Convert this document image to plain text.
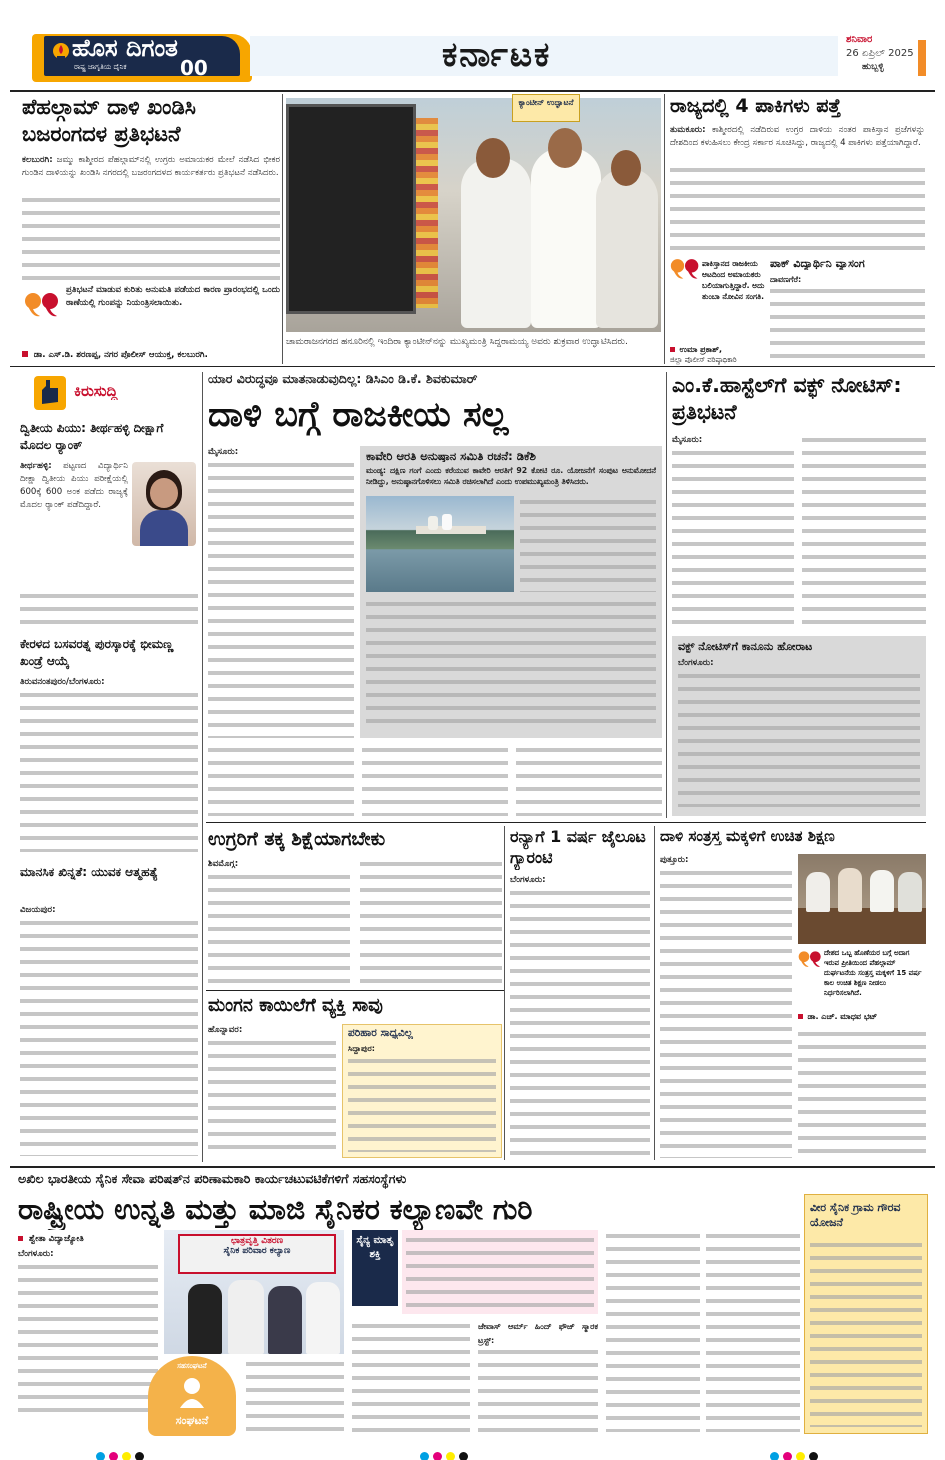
ಹೊಸ ದಿಗಂತ
ರಾಷ್ಟ್ರ ಜಾಗೃತಿಯ ದೈನಿಕ	00	ಕರ್ನಾಟಕ	ಶನಿವಾರ
26 ಏಪ್ರಿಲ್ 2025
ಹುಬ್ಬಳ್ಳಿ
ಪೆಹಲ್ಗಾಮ್ ದಾಳಿ ಖಂಡಿಸಿ ಬಜರಂಗದಳ ಪ್ರತಿಭಟನೆ
ಕಲಬುರಗಿ: ಜಮ್ಮು ಕಾಶ್ಮೀರದ ಪೆಹಲ್ಗಾಮ್‌ನಲ್ಲಿ ಉಗ್ರರು ಅಮಾಯಕರ ಮೇಲೆ ನಡೆಸಿದ ಭೀಕರ ಗುಂಡಿನ ದಾಳಿಯನ್ನು ಖಂಡಿಸಿ ನಗರದಲ್ಲಿ ಬಜರಂಗದಳದ ಕಾರ್ಯಕರ್ತರು ಪ್ರತಿಭಟನೆ ನಡೆಸಿದರು.
ಪ್ರತಿಭಟನೆ ಮಾಡುವ ಕುರಿತು ಅನುಮತಿ ಪಡೆಯದ ಕಾರಣ ಪ್ರಾರಂಭದಲ್ಲಿ ಒಂದು ಠಾಣೆಯಲ್ಲಿ ಗುಂಪನ್ನು ನಿಯಂತ್ರಿಸಲಾಯಿತು.
ಡಾ. ಎಸ್.ಡಿ. ಶರಣಪ್ಪ, ನಗರ ಪೊಲೀಸ್ ಆಯುಕ್ತ, ಕಲಬುರಗಿ.
ಕ್ಯಾಂಟೀನ್ ಉದ್ಘಾಟನೆ
ಚಾಮರಾಜನಗರದ ಹನೂರಿನಲ್ಲಿ ಇಂದಿರಾ ಕ್ಯಾಂಟೀನ್‌ನನ್ನು ಮುಖ್ಯಮಂತ್ರಿ ಸಿದ್ದರಾಮಯ್ಯ ಅವರು ಶುಕ್ರವಾರ ಉದ್ಘಾಟಿಸಿದರು.
ರಾಜ್ಯದಲ್ಲಿ 4 ಪಾಕಿಗಳು ಪತ್ತೆ
ತುಮಕೂರು: ಕಾಶ್ಮೀರದಲ್ಲಿ ನಡೆದಿರುವ ಉಗ್ರರ ದಾಳಿಯ ನಂತರ ಪಾಕಿಸ್ತಾನ ಪ್ರಜೆಗಳನ್ನು ದೇಶದಿಂದ ಕಳುಹಿಸಲು ಕೇಂದ್ರ ಸರ್ಕಾರ ಸೂಚಿಸಿದ್ದು, ರಾಜ್ಯದಲ್ಲಿ 4 ಪಾಕಿಗಳು ಪತ್ತೆಯಾಗಿದ್ದಾರೆ.
ಪಾಕಿಸ್ತಾನದ ರಾಜಕೀಯ ಆಟದಿಂದ ಅಮಾಯಕರು ಬಲಿಯಾಗುತ್ತಿದ್ದಾರೆ. ಅದು ತುಂಬಾ ನೋವಿನ ಸಂಗತಿ.
ಉಮಾ ಪ್ರಕಾಶ್,
ಜಿಲ್ಲಾ ಪೊಲೀಸ್ ವರಿಷ್ಠಾಧಿಕಾರಿ
ಪಾಕ್ ವಿದ್ಯಾರ್ಥಿನಿ ವ್ಯಾಸಂಗ
ದಾವಣಗೆರೆ:
ಕಿರುಸುದ್ದಿ
ದ್ವಿತೀಯ ಪಿಯು: ತೀರ್ಥಹಳ್ಳಿ ದೀಕ್ಷಾಗೆ ಮೊದಲ ರ‍್ಯಾಂಕ್
ತೀರ್ಥಹಳ್ಳಿ: ಪಟ್ಟಣದ ವಿದ್ಯಾರ್ಥಿನಿ ದೀಕ್ಷಾ ದ್ವಿತೀಯ ಪಿಯು ಪರೀಕ್ಷೆಯಲ್ಲಿ 600ಕ್ಕೆ 600 ಅಂಕ ಪಡೆದು ರಾಜ್ಯಕ್ಕೆ ಮೊದಲ ರ‍್ಯಾಂಕ್ ಪಡೆದಿದ್ದಾರೆ.
ಕೇರಳದ ಬಸವರತ್ನ ಪುರಸ್ಕಾರಕ್ಕೆ ಭೀಮಣ್ಣ ಖಂಡ್ರೆ ಆಯ್ಕೆ
ತಿರುವನಂತಪುರಂ/ಬೆಂಗಳೂರು:
ಮಾನಸಿಕ ಖಿನ್ನತೆ: ಯುವಕ ಆತ್ಮಹತ್ಯೆ
ವಿಜಯಪುರ:
ಯಾರ ವಿರುದ್ಧವೂ ಮಾತನಾಡುವುದಿಲ್ಲ: ಡಿಸಿಎಂ ಡಿ.ಕೆ. ಶಿವಕುಮಾರ್
ದಾಳಿ ಬಗ್ಗೆ ರಾಜಕೀಯ ಸಲ್ಲ
ಮೈಸೂರು:	ಕಾವೇರಿ ಆರತಿ ಅನುಷ್ಠಾನ ಸಮಿತಿ ರಚನೆ: ಡಿಕೆಶಿ
ಮಂಡ್ಯ: ದಕ್ಷಿಣ ಗಂಗೆ ಎಂದು ಕರೆಯುವ ಕಾವೇರಿ ಆರತಿಗೆ 92 ಕೋಟಿ ರೂ. ಯೋಜನೆಗೆ ಸಂಪುಟ ಅನುಮೋದನೆ ನೀಡಿದ್ದು, ಅನುಷ್ಠಾನಗೊಳಿಸಲು ಸಮಿತಿ ರಚಿಸಲಾಗಿದೆ ಎಂದು ಉಪಮುಖ್ಯಮಂತ್ರಿ ತಿಳಿಸಿದರು.
ಎಂ.ಕೆ.ಹಾಸ್ಟೆಲ್‌ಗೆ ವಕ್ಫ್ ನೋಟಿಸ್: ಪ್ರತಿಭಟನೆ
ಮೈಸೂರು:
ವಕ್ಫ್ ನೋಟಿಸ್‌ಗೆ ಕಾನೂನು ಹೋರಾಟ
ಬೆಂಗಳೂರು:
ಉಗ್ರರಿಗೆ ತಕ್ಕ ಶಿಕ್ಷೆಯಾಗಬೇಕು
ಶಿವಮೊಗ್ಗ:
ಮಂಗನ ಕಾಯಿಲೆಗೆ ವ್ಯಕ್ತಿ ಸಾವು
ಹೊನ್ನಾವರ:	ಪರಿಹಾರ ಸಾಧ್ಯವಿಲ್ಲ
ಸಿದ್ದಾಪುರ:
ರನ್ಯಾಗೆ 1 ವರ್ಷ ಜೈಲೂಟ ಗ್ಯಾರಂಟಿ
ಬೆಂಗಳೂರು:
ದಾಳಿ ಸಂತ್ರಸ್ತ ಮಕ್ಕಳಿಗೆ ಉಚಿತ ಶಿಕ್ಷಣ
ಪುತ್ತೂರು:
ದೇಶದ ಒಬ್ಬ ಹೊಣೆಯರ ಬಗ್ಗೆ ಅದಾಗ ಇರುವ ಪ್ರೀತಿಯಿಂದ ಪೆಹಲ್ಗಾಮ್ ದುರ್ಘಟನೆಯ ಸಂತ್ರಸ್ತ ಮಕ್ಕಳಿಗೆ 15 ವರ್ಷ ಕಾಲ ಉಚಿತ ಶಿಕ್ಷಣ ನೀಡಲು ನಿರ್ಧರಿಸಲಾಗಿದೆ.
ಡಾ. ಎಚ್. ಮಾಧವ ಭಟ್
ಅಖಿಲ ಭಾರತೀಯ ಸೈನಿಕ ಸೇವಾ ಪರಿಷತ್‌ನ ಪರಿಣಾಮಕಾರಿ ಕಾರ್ಯಚಟುವಟಿಕೆಗಳಿಗೆ ಸಹಸಂಸ್ಥೆಗಳು
ರಾಷ್ಟ್ರೀಯ ಉನ್ನತಿ ಮತ್ತು ಮಾಜಿ ಸೈನಿಕರ ಕಲ್ಯಾಣವೇ ಗುರಿ
ಶ್ವೇತಾ ವಿದ್ಯಾಜ್ಯೋತಿ
ಬೆಂಗಳೂರು:
ಛಾತ್ರವೃತ್ತಿ ವಿತರಣ
ಸೈನಿಕ ಪರಿವಾರ ಕಲ್ಯಾಣ
ಸಹಸಂಘಟನೆ
ಸಂಘಟನೆ
ಸೈನ್ಯ ಮಾತೃ ಶಕ್ತಿ
ಜೇವಾಸ್ ಆರ್ಮ್ ಹಿಂದ್ ಫೌಜ್ ಸ್ಮಾರಕ ಟ್ರಸ್ಟ್:
ವೀರ ಸೈನಿಕ ಗ್ರಾಮ ಗೌರವ ಯೋಜನೆ
